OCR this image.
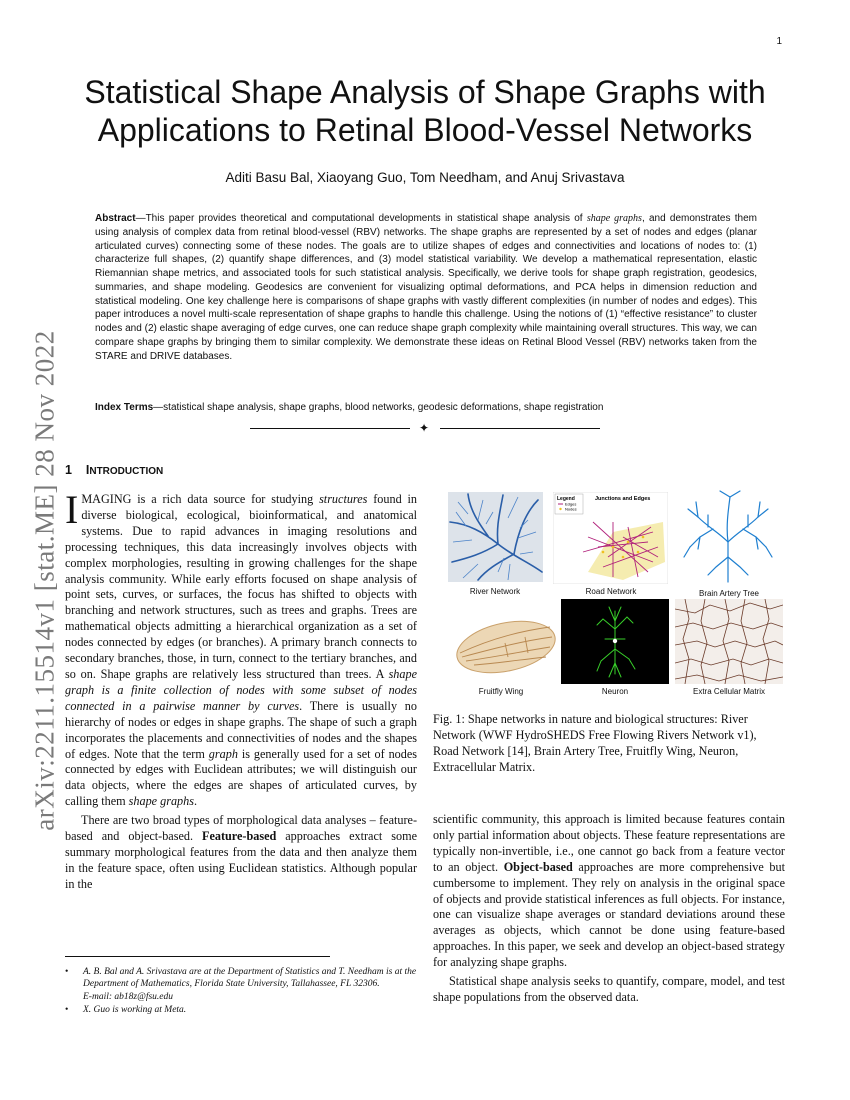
1
arXiv:2211.15514v1 [stat.ME] 28 Nov 2022
Statistical Shape Analysis of Shape Graphs with Applications to Retinal Blood-Vessel Networks
Aditi Basu Bal, Xiaoyang Guo, Tom Needham, and Anuj Srivastava
Abstract—This paper provides theoretical and computational developments in statistical shape analysis of shape graphs, and demonstrates them using analysis of complex data from retinal blood-vessel (RBV) networks. The shape graphs are represented by a set of nodes and edges (planar articulated curves) connecting some of these nodes. The goals are to utilize shapes of edges and connectivities and locations of nodes to: (1) characterize full shapes, (2) quantify shape differences, and (3) model statistical variability. We develop a mathematical representation, elastic Riemannian shape metrics, and associated tools for such statistical analysis. Specifically, we derive tools for shape graph registration, geodesics, summaries, and shape modeling. Geodesics are convenient for visualizing optimal deformations, and PCA helps in dimension reduction and statistical modeling. One key challenge here is comparisons of shape graphs with vastly different complexities (in number of nodes and edges). This paper introduces a novel multi-scale representation of shape graphs to handle this challenge. Using the notions of (1) “effective resistance” to cluster nodes and (2) elastic shape averaging of edge curves, one can reduce shape graph complexity while maintaining overall structures. This way, we can compare shape graphs by bringing them to similar complexity. We demonstrate these ideas on Retinal Blood Vessel (RBV) networks taken from the STARE and DRIVE databases.
Index Terms—statistical shape analysis, shape graphs, blood networks, geodesic deformations, shape registration
✦
1 INTRODUCTION

IMAGING is a rich data source for studying structures found in diverse biological, ecological, bioinformatical, and anatomical systems. Due to rapid advances in imaging resolutions and processing techniques, this data increasingly involves objects with complex morphologies, resulting in growing challenges for the shape analysis community. While early efforts focused on shape analysis of point sets, curves, or surfaces, the focus has shifted to objects with branching and network structures, such as trees and graphs. Trees are mathematical objects admitting a hierarchical organization as a set of nodes connected by edges (or branches). A primary branch connects to secondary branches, those, in turn, connect to the tertiary branches, and so on. Shape graphs are relatively less structured than trees. A shape graph is a finite collection of nodes with some subset of nodes connected in a pairwise manner by curves. There is usually no hierarchy of nodes or edges in shape graphs. The shape of such a graph incorporates the placements and connectivities of nodes and the shapes of edges. Note that the term graph is generally used for a set of nodes connected by edges with Euclidean attributes; we will distinguish our data objects, where the edges are shapes of articulated curves, by calling them shape graphs.

There are two broad types of morphological data analyses – feature-based and object-based. Feature-based approaches extract some summary morphological features from the data and then analyze them in the feature space, often using Euclidean statistics. Although popular in the

• A. B. Bal and A. Srivastava are at the Department of Statistics and T. Needham is at the Department of Mathematics, Florida State University, Tallahassee, FL 32306.
E-mail: ab18z@fsu.edu
• X. Guo is working at Meta.
River Network
Legend
Edges
Nodes
Junctions and Edges
Road Network	Brain Artery Tree
Fruitfly Wing	Neuron	Extra Cellular Matrix
Fig. 1: Shape networks in nature and biological structures: River Network (WWF HydroSHEDS Free Flowing Rivers Network v1), Road Network [14], Brain Artery Tree, Fruitfly Wing, Neuron, Extracellular Matrix.

scientific community, this approach is limited because features contain only partial information about objects. These feature representations are typically non-invertible, i.e., one cannot go back from a feature vector to an object. Object-based approaches are more comprehensive but cumbersome to implement. They rely on analysis in the original space of objects and provide statistical inferences as full objects. For instance, one can visualize shape averages or standard deviations around these averages as objects, which cannot be done using feature-based approaches. In this paper, we seek and develop an object-based strategy for analyzing shape graphs.

Statistical shape analysis seeks to quantify, compare, model, and test shape populations from the observed data.
